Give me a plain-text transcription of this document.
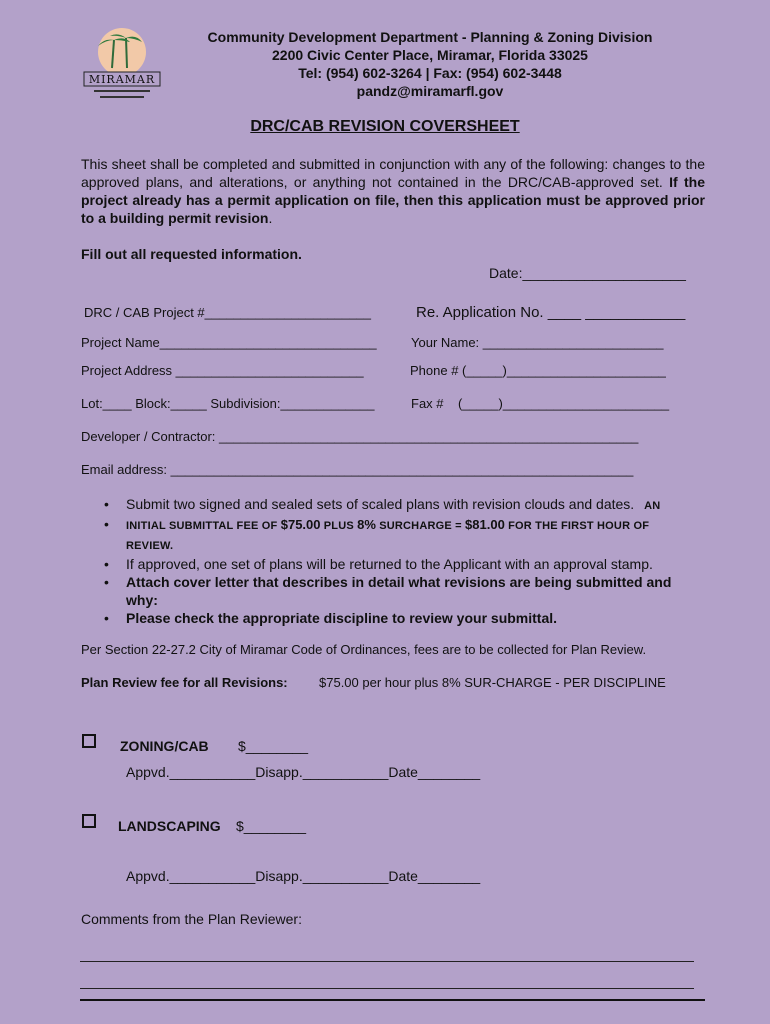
MIRAMAR
Community Development Department - Planning & Zoning Division
2200 Civic Center Place, Miramar, Florida 33025
Tel: (954) 602-3264 | Fax: (954) 602-3448
pandz@miramarfl.gov
DRC/CAB REVISION COVERSHEET
This sheet shall be completed and submitted in conjunction with any of the following: changes to the approved plans, and alterations, or anything not contained in the DRC/CAB-approved set. If the project already has a permit application on file, then this application must be approved prior to a building permit revision.
Fill out all requested information.
Date:_____________________
DRC / CAB Project #_______________________	Re. Application No. ____ ____________
Project Name______________________________	Your Name: _________________________
Project Address __________________________	Phone # (_____)______________________
Lot:____ Block:_____ Subdivision:_____________	Fax #    (_____)_______________________
Developer / Contractor: __________________________________________________________
Email address: ________________________________________________________________
• Submit two signed and sealed sets of scaled plans with revision clouds and dates. AN
• INITIAL SUBMITTAL FEE OF $75.00 PLUS 8% SURCHARGE = $81.00 FOR THE FIRST HOUR OF
REVIEW.
• If approved, one set of plans will be returned to the Applicant with an approval stamp.
• Attach cover letter that describes in detail what revisions are being submitted and why:
• Please check the appropriate discipline to review your submittal.
Per Section 22-27.2 City of Miramar Code of Ordinances, fees are to be collected for Plan Review.
Plan Review fee for all Revisions: $75.00 per hour plus 8% SUR-CHARGE - PER DISCIPLINE
ZONING/CAB $________
Appvd.___________Disapp.___________Date________
LANDSCAPING $________
Appvd.___________Disapp.___________Date________
Comments from the Plan Reviewer:
